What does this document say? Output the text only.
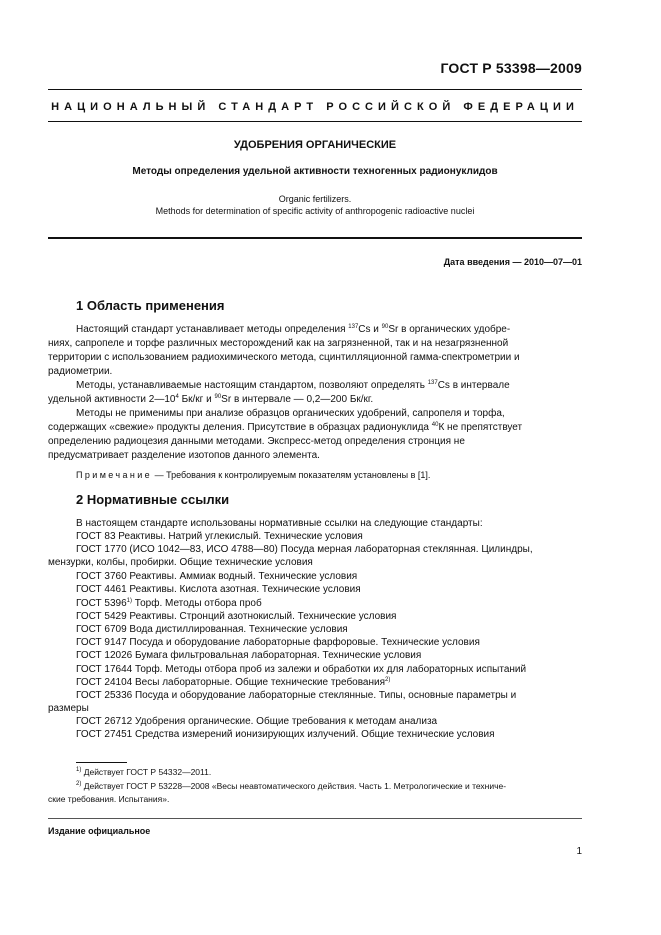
ГОСТ Р 53398—2009
НАЦИОНАЛЬНЫЙ СТАНДАРТ РОССИЙСКОЙ ФЕДЕРАЦИИ
УДОБРЕНИЯ ОРГАНИЧЕСКИЕ
Методы определения удельной активности техногенных радионуклидов
Organic fertilizers.
Methods for determination of specific activity of anthropogenic radioactive nuclei
Дата введения — 2010—07—01
1 Область применения
Настоящий стандарт устанавливает методы определения $^{137}$Cs и $^{90}$Sr в органических удобре-
ниях, сапропеле и торфе различных месторождений как на загрязненной, так и на незагрязненной
территории с использованием радиохимического метода, сцинтилляционной гамма-спектрометрии и
радиометрии.
Методы, устанавливаемые настоящим стандартом, позволяют определять $^{137}$Cs в интервале
удельной активности $2—10^4$ Бк/кг и $^{90}$Sr в интервале — 0,2—200 Бк/кг.
Методы не применимы при анализе образцов органических удобрений, сапропеля и торфа,
содержащих «свежие» продукты деления. Присутствие в образцах радионуклида $^{40}$К не препятствует
определению радиоцезия данными методами. Экспресс-метод определения стронция не
предусматривает разделение изотопов данного элемента.
Примечание — Требования к контролируемым показателям установлены в [1].
2 Нормативные ссылки
В настоящем стандарте использованы нормативные ссылки на следующие стандарты:
ГОСТ 83 Реактивы. Натрий углекислый. Технические условия
ГОСТ 1770 (ИСО 1042—83, ИСО 4788—80) Посуда мерная лабораторная стеклянная. Цилиндры,
мензурки, колбы, пробирки. Общие технические условия
ГОСТ 3760 Реактивы. Аммиак водный. Технические условия
ГОСТ 4461 Реактивы. Кислота азотная. Технические условия
ГОСТ 5396$^{1)}$ Торф. Методы отбора проб
ГОСТ 5429 Реактивы. Стронций азотнокислый. Технические условия
ГОСТ 6709 Вода дистиллированная. Технические условия
ГОСТ 9147 Посуда и оборудование лабораторные фарфоровые. Технические условия
ГОСТ 12026 Бумага фильтровальная лабораторная. Технические условия
ГОСТ 17644 Торф. Методы отбора проб из залежи и обработки их для лабораторных испытаний
ГОСТ 24104 Весы лабораторные. Общие технические требования$^{2)}$
ГОСТ 25336 Посуда и оборудование лабораторные стеклянные. Типы, основные параметры и
размеры
ГОСТ 26712 Удобрения органические. Общие требования к методам анализа
ГОСТ 27451 Средства измерений ионизирующих излучений. Общие технические условия
$^{1)}$ Действует ГОСТ Р 54332—2011.
$^{2)}$ Действует ГОСТ Р 53228—2008 «Весы неавтоматического действия. Часть 1. Метрологические и техниче-
ские требования. Испытания».
Издание официальное
1
